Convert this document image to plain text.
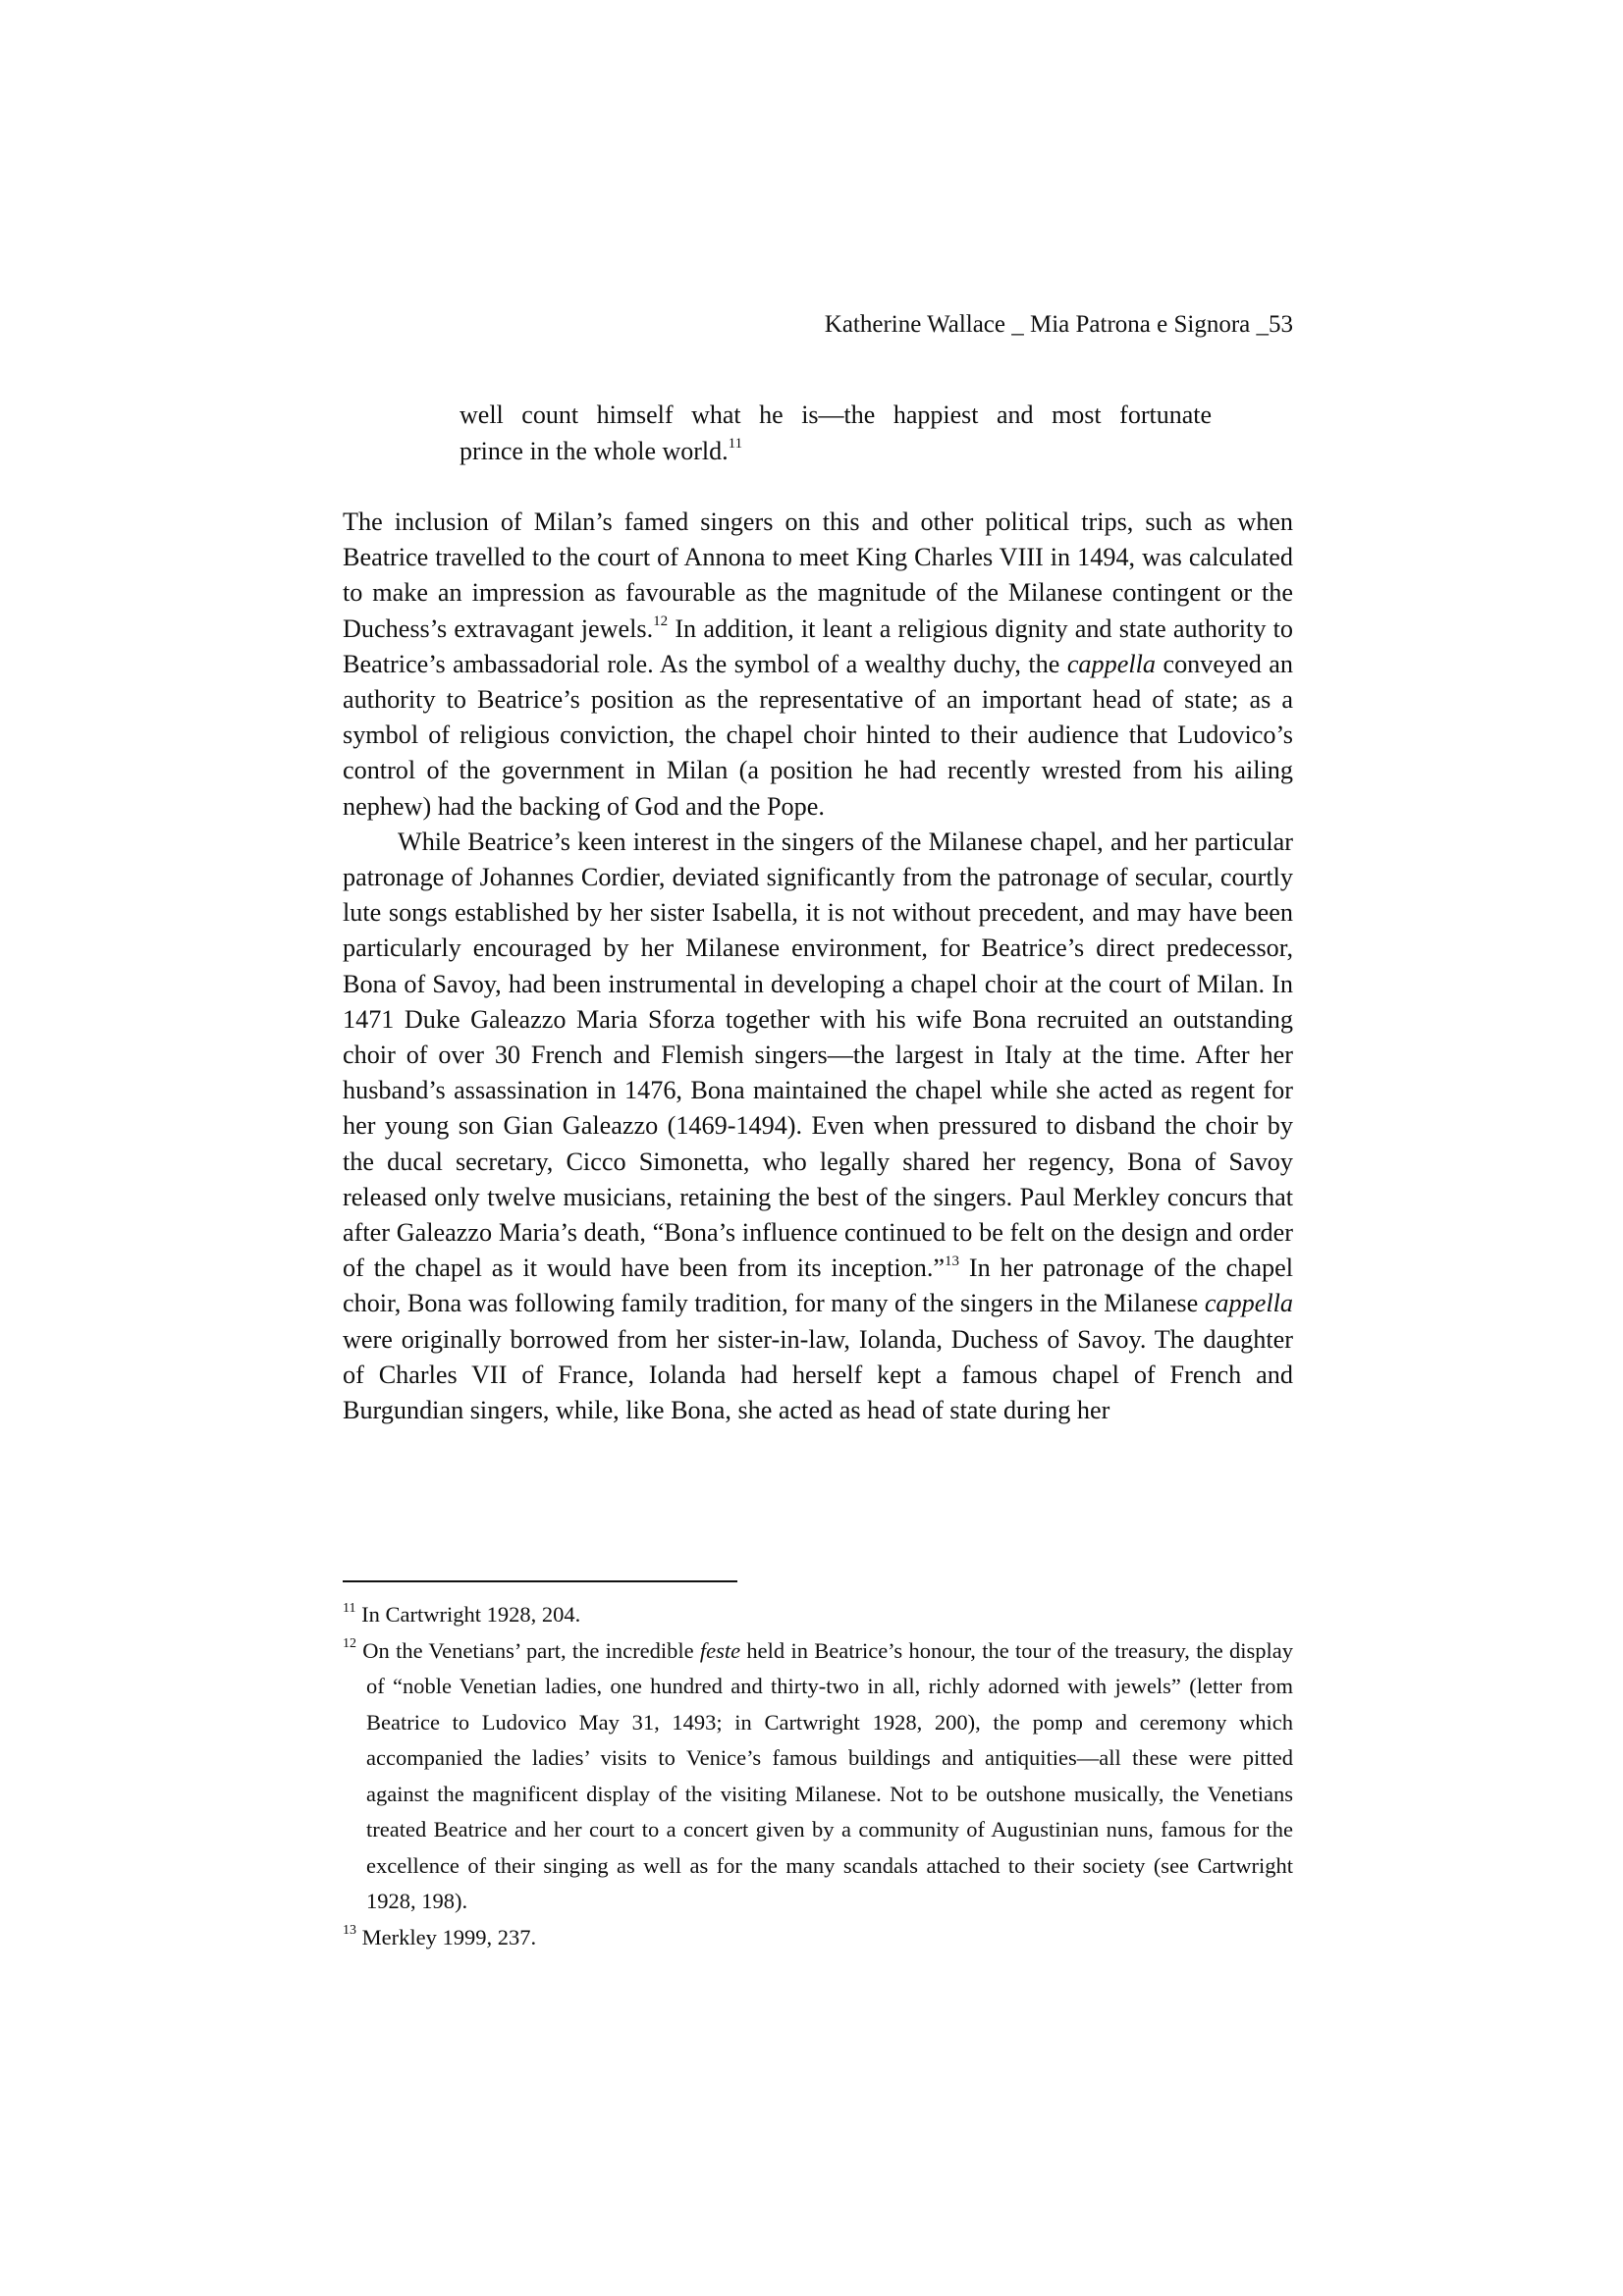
Katherine Wallace _ Mia Patrona e Signora _53
well count himself what he is—the happiest and most fortunate

prince in the whole world.$^{11}$

The inclusion of Milan’s famed singers on this and other political trips, such as when Beatrice travelled to the court of Annona to meet King Charles VIII in 1494, was calculated to make an impression as favourable as the magnitude of the Milanese contingent or the Duchess’s extravagant jewels.$^{12}$ In addition, it leant a religious dignity and state authority to Beatrice’s ambassadorial role. As the symbol of a wealthy duchy, the cappella conveyed an authority to Beatrice’s position as the representative of an important head of state; as a symbol of religious conviction, the chapel choir hinted to their audience that Ludovico’s control of the government in Milan (a position he had recently wrested from his ailing nephew) had the backing of God and the Pope.

While Beatrice’s keen interest in the singers of the Milanese chapel, and her particular patronage of Johannes Cordier, deviated significantly from the patronage of secular, courtly lute songs established by her sister Isabella, it is not without precedent, and may have been particularly encouraged by her Milanese environment, for Beatrice’s direct predecessor, Bona of Savoy, had been instrumental in developing a chapel choir at the court of Milan. In 1471 Duke Galeazzo Maria Sforza together with his wife Bona recruited an outstanding choir of over 30 French and Flemish singers—the largest in Italy at the time. After her husband’s assassination in 1476, Bona maintained the chapel while she acted as regent for her young son Gian Galeazzo (1469-1494). Even when pressured to disband the choir by the ducal secretary, Cicco Simonetta, who legally shared her regency, Bona of Savoy released only twelve musicians, retaining the best of the singers. Paul Merkley concurs that after Galeazzo Maria’s death, “Bona’s influence continued to be felt on the design and order of the chapel as it would have been from its inception.”$^{13}$ In her patronage of the chapel choir, Bona was following family tradition, for many of the singers in the Milanese cappella were originally borrowed from her sister-in-law, Iolanda, Duchess of Savoy. The daughter of Charles VII of France, Iolanda had herself kept a famous chapel of French and Burgundian singers, while, like Bona, she acted as head of state during her

$^{11}$ In Cartwright 1928, 204.

$^{12}$ On the Venetians’ part, the incredible feste held in Beatrice’s honour, the tour of the treasury, the display of “noble Venetian ladies, one hundred and thirty-two in all, richly adorned with jewels” (letter from Beatrice to Ludovico May 31, 1493; in Cartwright 1928, 200), the pomp and ceremony which accompanied the ladies’ visits to Venice’s famous buildings and antiquities—all these were pitted against the magnificent display of the visiting Milanese. Not to be outshone musically, the Venetians treated Beatrice and her court to a concert given by a community of Augustinian nuns, famous for the excellence of their singing as well as for the many scandals attached to their society (see Cartwright 1928, 198).

$^{13}$ Merkley 1999, 237.
